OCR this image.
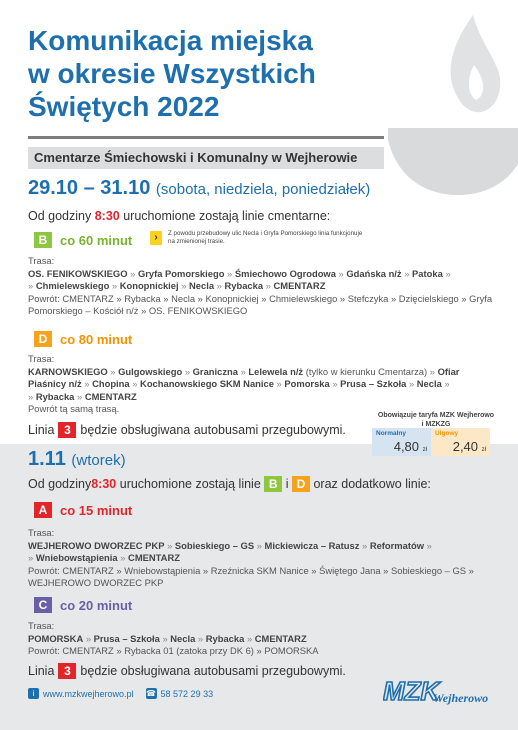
Komunikacja miejska
w okresie Wszystkich
Świętych 2022
Cmentarze Śmiechowski i Komunalny w Wejherowie
29.10 – 31.10 (sobota, niedziela, poniedziałek)
Od godziny 8:30 uruchomione zostają linie cmentarne:
B co 60 minut	›	Z powodu przebudowy ulic Necla i Gryfa Pomorskiego linia funkcjonuje na zmienionej trasie.
Trasa:
OS. FENIKOWSKIEGO » Gryfa Pomorskiego » Śmiechowo Ogrodowa » Gdańska n/ż » Patoka »
» Chmielewskiego » Konopnickiej » Necla » Rybacka » CMENTARZ
Powrót: CMENTARZ » Rybacka » Necla » Konopnickiej » Chmielewskiego » Stefczyka » Dzięcielskiego » Gryfa Pomorskiego – Kościół n/ż » OS. FENIKOWSKIEGO
D co 80 minut
Trasa:
KARNOWSKIEGO » Gulgowskiego » Graniczna » Lelewela n/ż (tylko w kierunku Cmentarza) » Ofiar
Piaśnicy n/ż » Chopina » Kochanowskiego SKM Nanice » Pomorska » Prusa – Szkoła » Necla »
» Rybacka » CMENTARZ
Powrót tą samą trasą.
Linia 3 będzie obsługiwana autobusami przegubowymi.
Obowiązuje taryfa MZK Wejherowo i MZKZG
Normalny
4,80 zł
Ulgowy
2,40 zł
1.11 (wtorek)
Od godziny 8:30 uruchomione zostają linie B i D oraz dodatkowo linie:
A co 15 minut
Trasa:
WEJHEROWO DWORZEC PKP » Sobieskiego – GS » Mickiewicza – Ratusz » Reformatów »
» Wniebowstąpienia » CMENTARZ
Powrót: CMENTARZ » Wniebowstąpienia » Rzeźnicka SKM Nanice » Świętego Jana » Sobieskiego – GS » WEJHEROWO DWORZEC PKP
C co 20 minut
Trasa:
POMORSKA » Prusa – Szkoła » Necla » Rybacka » CMENTARZ
Powrót: CMENTARZ » Rybacka 01 (zatoka przy DK 6) » POMORSKA
Linia 3 będzie obsługiwana autobusami przegubowymi.
i www.mzkwejherowo.pl ☎ 58 572 29 33	MZK
Wejherowo
